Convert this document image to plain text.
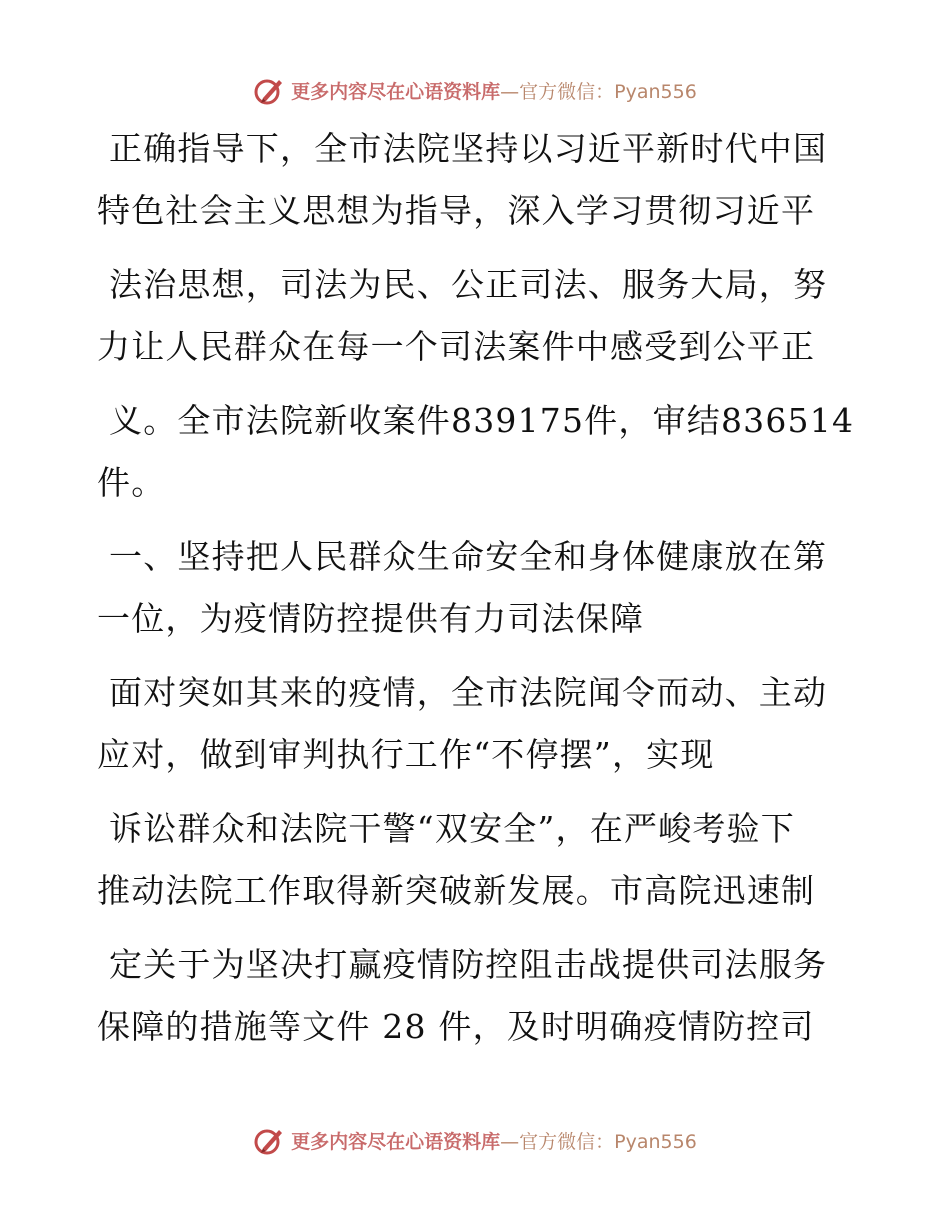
更多内容尽在心语资料库—官方微信：Pyan556
正确指导下，全市法院坚持以习近平新时代中国
特色社会主义思想为指导，深入学习贯彻习近平
法治思想，司法为民、公正司法、服务大局，努
力让人民群众在每一个司法案件中感受到公平正
义。全市法院新收案件839175件，审结836514
件。
一、坚持把人民群众生命安全和身体健康放在第
一位，为疫情防控提供有力司法保障
面对突如其来的疫情，全市法院闻令而动、主动
应对，做到审判执行工作“不停摆”，实现
诉讼群众和法院干警“双安全”，在严峻考验下
推动法院工作取得新突破新发展。市高院迅速制
定关于为坚决打赢疫情防控阻击战提供司法服务
保障的措施等文件 28 件，及时明确疫情防控司
更多内容尽在心语资料库—官方微信：Pyan556
